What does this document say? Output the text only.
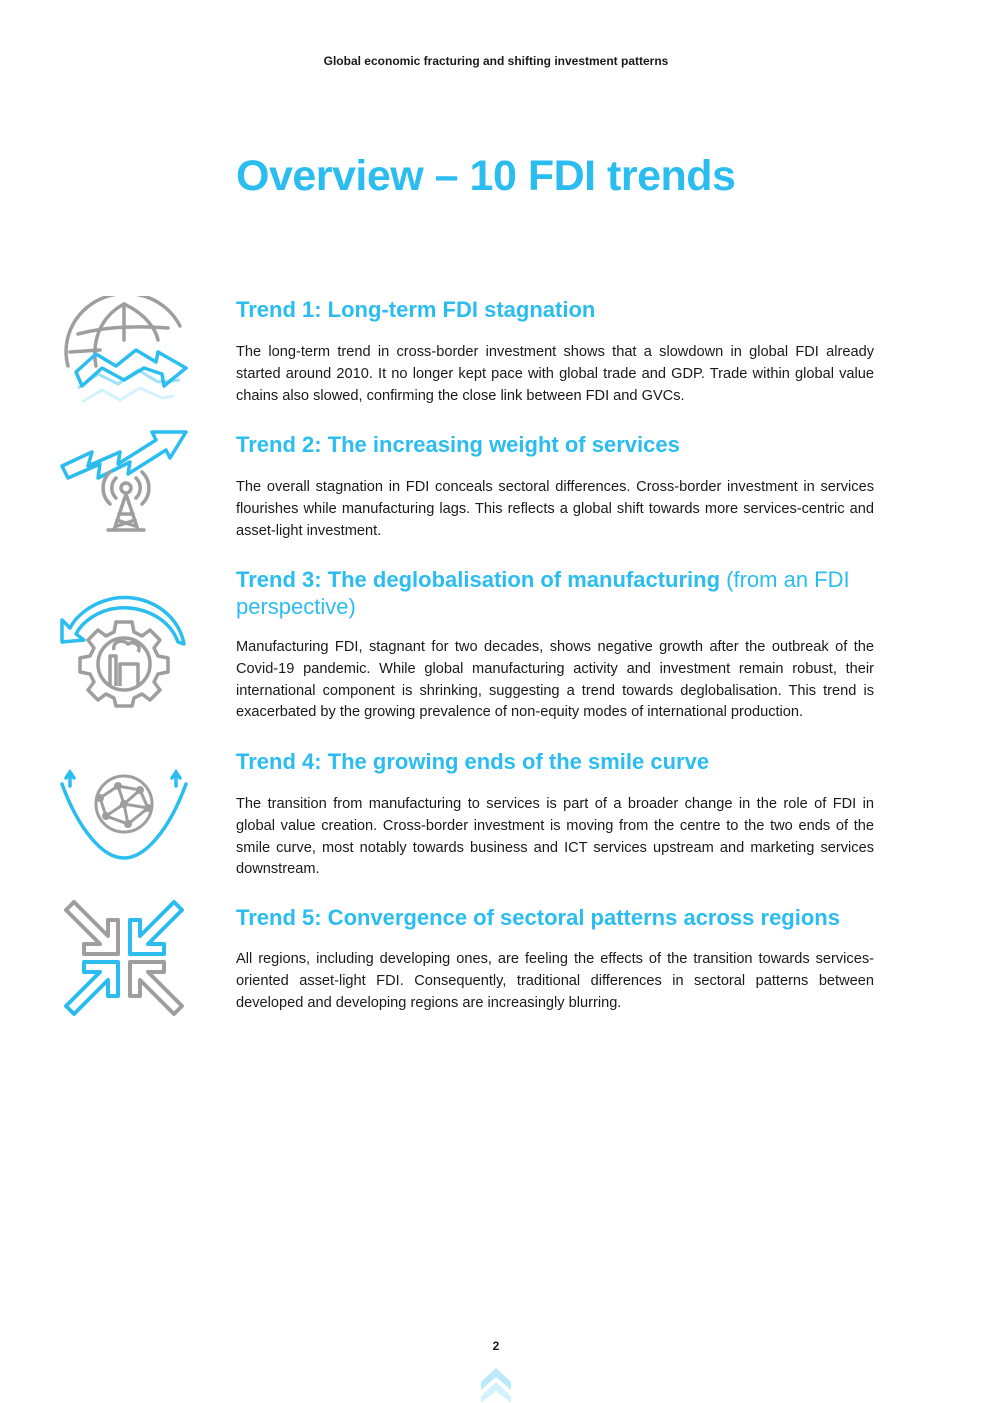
Global economic fracturing and shifting investment patterns
Overview – 10 FDI trends
Trend 1: Long-term FDI stagnation

The long-term trend in cross-border investment shows that a slowdown in global FDI already started around 2010. It no longer kept pace with global trade and GDP. Trade within global value chains also slowed, confirming the close link between FDI and GVCs.

Trend 2: The increasing weight of services

The overall stagnation in FDI conceals sectoral differences. Cross-border investment in services flourishes while manufacturing lags. This reflects a global shift towards more services-centric and asset-light investment.

Trend 3: The deglobalisation of manufacturing (from an FDI perspective)

Manufacturing FDI, stagnant for two decades, shows negative growth after the outbreak of the Covid-19 pandemic. While global manufacturing activity and investment remain robust, their international component is shrinking, suggesting a trend towards deglobalisation. This trend is exacerbated by the growing prevalence of non-equity modes of international production.

Trend 4: The growing ends of the smile curve

The transition from manufacturing to services is part of a broader change in the role of FDI in global value creation. Cross-border investment is moving from the centre to the two ends of the smile curve, most notably towards business and ICT services upstream and marketing services downstream.

Trend 5: Convergence of sectoral patterns across regions

All regions, including developing ones, are feeling the effects of the transition towards services-oriented asset-light FDI. Consequently, traditional differences in sectoral patterns between developed and developing regions are increasingly blurring.

2
